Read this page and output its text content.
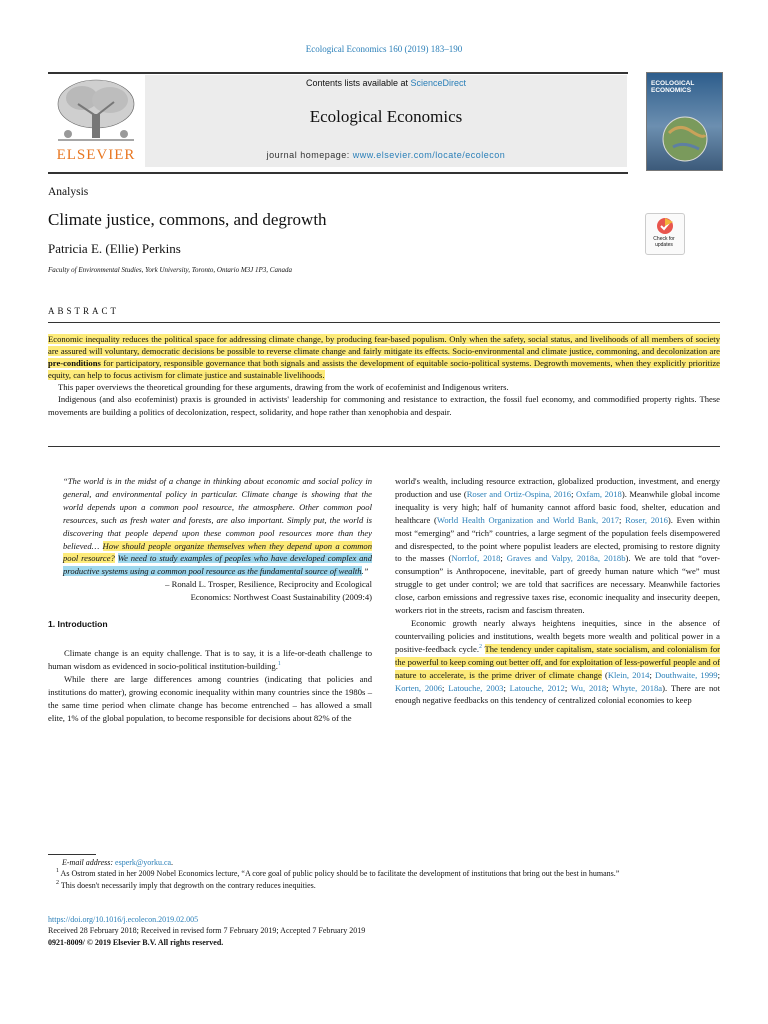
Ecological Economics 160 (2019) 183–190
ELSEVIER
Contents lists available at ScienceDirect
Ecological Economics
journal homepage: www.elsevier.com/locate/ecolecon
ECOLOGICAL ECONOMICS
Analysis
Climate justice, commons, and degrowth
Patricia E. (Ellie) Perkins
Faculty of Environmental Studies, York University, Toronto, Ontario M3J 1P3, Canada
Check for updates
ABSTRACT

Economic inequality reduces the political space for addressing climate change, by producing fear-based populism. Only when the safety, social status, and livelihoods of all members of society are assured will voluntary, democratic decisions be possible to reverse climate change and fairly mitigate its effects. Socio-environmental and climate justice, commoning, and decolonization are pre-conditions for participatory, responsible governance that both signals and assists the development of equitable socio-political systems. Degrowth movements, when they explicitly prioritize equity, can help to focus activism for climate justice and sustainable livelihoods.

This paper overviews the theoretical grounding for these arguments, drawing from the work of ecofeminist and Indigenous writers.

Indigenous (and also ecofeminist) praxis is grounded in activists' leadership for commoning and resistance to extraction, the fossil fuel economy, and commodified property rights. These movements are building a politics of decolonization, respect, solidarity, and hope rather than xenophobia and despair.

“The world is in the midst of a change in thinking about economic and social policy in general, and environmental policy in particular. Climate change is showing that the world depends upon a common pool resource, the atmosphere. Other common pool resources, such as fresh water and forests, are also important. Simply put, the world is discovering that people depend upon these common pool resources more than they believed… How should people organize themselves when they depend upon a common pool resource? We need to study examples of peoples who have developed complex and productive systems using a common pool resource as the fundamental source of wealth.”

– Ronald L. Trosper, Resilience, Reciprocity and Ecological

Economics: Northwest Coast Sustainability (2009:4)

1. Introduction

Climate change is an equity challenge. That is to say, it is a life-or-death challenge to human wisdom as evidenced in socio-political institution-building.$^1$

While there are large differences among countries (indicating that policies and institutions do matter), growing economic inequality within many countries since the 1980s – the same time period when climate change has become entrenched – has allowed a small elite, 1% of the global population, to become responsible for decisions about 82% of the

world's wealth, including resource extraction, globalized production, investment, and energy production and use (Roser and Ortiz-Ospina, 2016; Oxfam, 2018). Meanwhile global income inequality is very high; half of humanity cannot afford basic food, shelter, education and healthcare (World Health Organization and World Bank, 2017; Roser, 2016). Even within most “emerging” and “rich” countries, a large segment of the population feels disempowered and disrespected, to the point where populist leaders are elected, promising to restore dignity to the masses (Norrlof, 2018; Graves and Valpy, 2018a, 2018b). We are told that “over-consumption” is Anthropocene, inevitable, part of greedy human nature which “we” must struggle to get under control; we are told that sacrifices are necessary. Meanwhile factories close, carbon emissions and regressive taxes rise, economic inequality and insecurity deepen, workers riot in the streets, racism and fascism threaten.

Economic growth nearly always heightens inequities, since in the absence of countervailing policies and institutions, wealth begets more wealth and political power in a positive-feedback cycle.$^2$ The tendency under capitalism, state socialism, and colonialism for the powerful to keep coming out better off, and for exploitation of less-powerful people and of nature to accelerate, is the prime driver of climate change (Klein, 2014; Douthwaite, 1999; Korten, 2006; Latouche, 2003; Latouche, 2012; Wu, 2018; Whyte, 2018a). There are not enough negative feedbacks on this tendency of centralized colonial economies to keep

E-mail address: esperk@yorku.ca.

$^1$ As Ostrom stated in her 2009 Nobel Economics lecture, “A core goal of public policy should be to facilitate the development of institutions that bring out the best in humans.”

$^2$ This doesn't necessarily imply that degrowth on the contrary reduces inequities.

https://doi.org/10.1016/j.ecolecon.2019.02.005

Received 28 February 2018; Received in revised form 7 February 2019; Accepted 7 February 2019

0921-8009/ © 2019 Elsevier B.V. All rights reserved.
